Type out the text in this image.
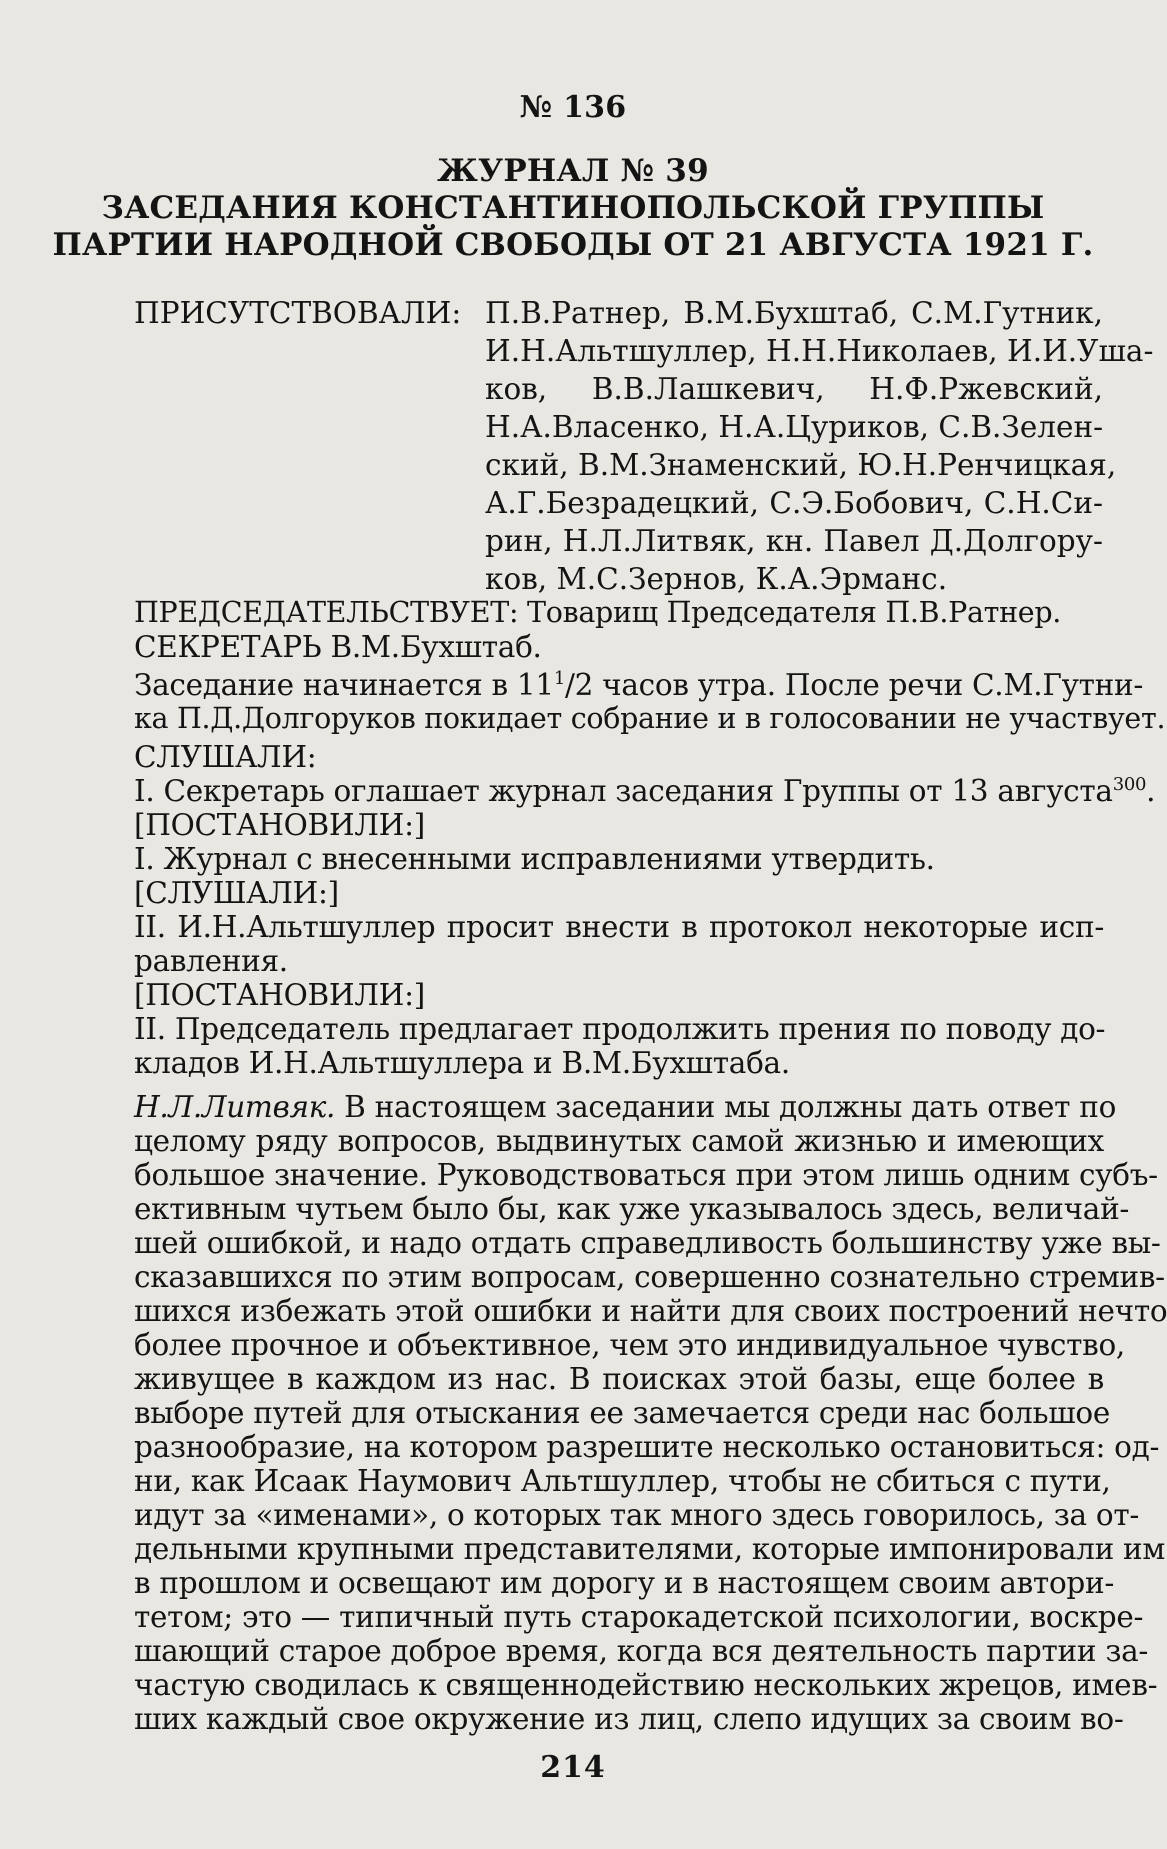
№ 136
ЖУРНАЛ № 39
ЗАСЕДАНИЯ КОНСТАНТИНОПОЛЬСКОЙ ГРУППЫ
ПАРТИИ НАРОДНОЙ СВОБОДЫ ОТ 21 АВГУСТА 1921 Г.
ПРИСУТСТВОВАЛИ: П.В.Ратнер, В.М.Бухштаб, С.М.Гутник,
И.Н.Альтшуллер, Н.Н.Николаев, И.И.Уша-
ков, В.В.Лашкевич, Н.Ф.Ржевский,
Н.А.Власенко, Н.А.Цуриков, С.В.Зелен-
ский, В.М.Знаменский, Ю.Н.Ренчицкая,
А.Г.Безрадецкий, С.Э.Бобович, С.Н.Си-
рин, Н.Л.Литвяк, кн. Павел Д.Долгору-
ков, М.С.Зернов, К.А.Эрманс.
ПРЕДСЕДАТЕЛЬСТВУЕТ: Товарищ Председателя П.В.Ратнер.
СЕКРЕТАРЬ В.М.Бухштаб.
Заседание начинается в $11^1/2$ часов утра. После речи С.М.Гутни-
ка П.Д.Долгоруков покидает собрание и в голосовании не участвует.
СЛУШАЛИ:
I. Секретарь оглашает журнал заседания Группы от 13 августа$^{300}$.
[ПОСТАНОВИЛИ:]
I. Журнал с внесенными исправлениями утвердить.
[СЛУШАЛИ:]
II. И.Н.Альтшуллер просит внести в протокол некоторые исп-
равления.
[ПОСТАНОВИЛИ:]
II. Председатель предлагает продолжить прения по поводу до-
кладов И.Н.Альтшуллера и В.М.Бухштаба.
Н.Л.Литвяк. В настоящем заседании мы должны дать ответ по
целому ряду вопросов, выдвинутых самой жизнью и имеющих
большое значение. Руководствоваться при этом лишь одним субъ-
ективным чутьем было бы, как уже указывалось здесь, величай-
шей ошибкой, и надо отдать справедливость большинству уже вы-
сказавшихся по этим вопросам, совершенно сознательно стремив-
шихся избежать этой ошибки и найти для своих построений нечто
более прочное и объективное, чем это индивидуальное чувство,
живущее в каждом из нас. В поисках этой базы, еще более в
выборе путей для отыскания ее замечается среди нас большое
разнообразие, на котором разрешите несколько остановиться: од-
ни, как Исаак Наумович Альтшуллер, чтобы не сбиться с пути,
идут за «именами», о которых так много здесь говорилось, за от-
дельными крупными представителями, которые импонировали им
в прошлом и освещают им дорогу и в настоящем своим автори-
тетом; это — типичный путь старокадетской психологии, воскре-
214
шающий старое доброе время, когда вся деятельность партии за-
частую сводилась к священнодействию нескольких жрецов, имев-
ших каждый свое окружение из лиц, слепо идущих за своим во-
